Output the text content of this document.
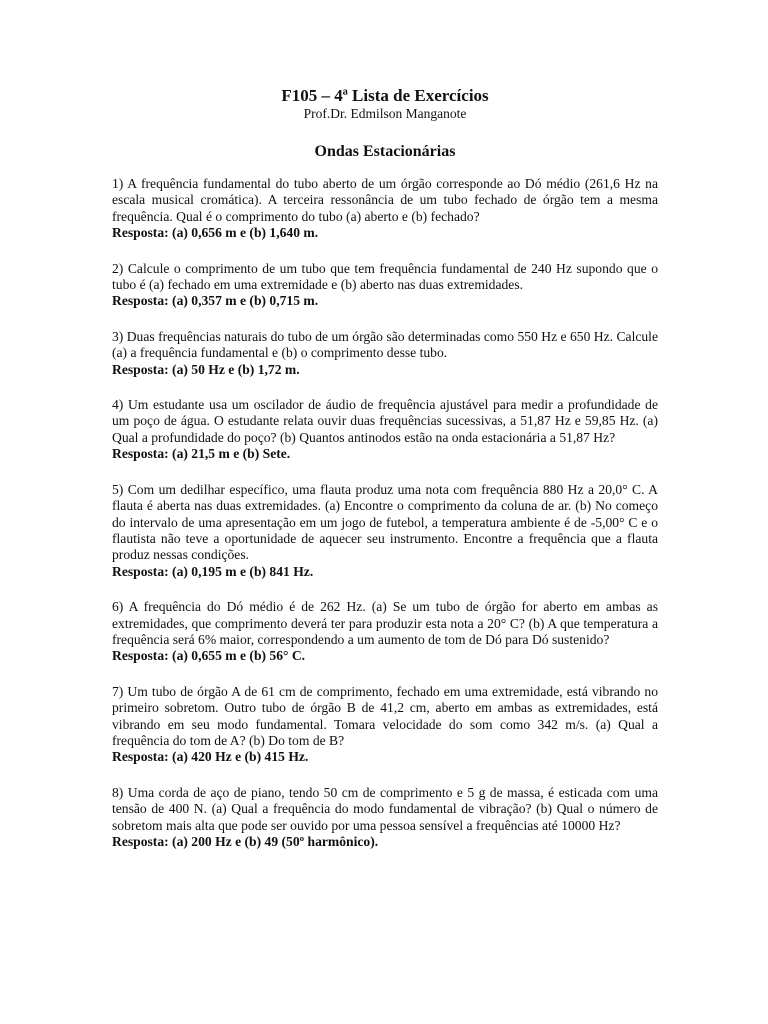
F105 – 4ª Lista de Exercícios

Prof.Dr. Edmilson Manganote

Ondas Estacionárias

1) A frequência fundamental do tubo aberto de um órgão corresponde ao Dó médio (261,6 Hz na escala musical cromática). A terceira ressonância de um tubo fechado de órgão tem a mesma frequência. Qual é o comprimento do tubo (a) aberto e (b) fechado?

Resposta: (a) 0,656 m e (b) 1,640 m.

2) Calcule o comprimento de um tubo que tem frequência fundamental de 240 Hz supondo que o tubo é (a) fechado em uma extremidade e (b) aberto nas duas extremidades.

Resposta: (a) 0,357 m e (b) 0,715 m.

3) Duas frequências naturais do tubo de um órgão são determinadas como 550 Hz e 650 Hz. Calcule (a) a frequência fundamental e (b) o comprimento desse tubo.

Resposta: (a) 50 Hz e (b) 1,72 m.

4) Um estudante usa um oscilador de áudio de frequência ajustável para medir a profundidade de um poço de água. O estudante relata ouvir duas frequências sucessivas, a 51,87 Hz e 59,85 Hz. (a) Qual a profundidade do poço? (b) Quantos antinodos estão na onda estacionária a 51,87 Hz?

Resposta: (a) 21,5 m e (b) Sete.

5) Com um dedilhar específico, uma flauta produz uma nota com frequência 880 Hz a 20,0° C. A flauta é aberta nas duas extremidades. (a) Encontre o comprimento da coluna de ar. (b) No começo do intervalo de uma apresentação em um jogo de futebol, a temperatura ambiente é de -5,00° C e o flautista não teve a oportunidade de aquecer seu instrumento. Encontre a frequência que a flauta produz nessas condições.

Resposta: (a) 0,195 m e (b) 841 Hz.

6) A frequência do Dó médio é de 262 Hz. (a) Se um tubo de órgão for aberto em ambas as extremidades, que comprimento deverá ter para produzir esta nota a 20° C? (b) A que temperatura a frequência será 6% maior, correspondendo a um aumento de tom de Dó para Dó sustenido?

Resposta: (a) 0,655 m e (b) 56° C.

7) Um tubo de órgão A de 61 cm de comprimento, fechado em uma extremidade, está vibrando no primeiro sobretom. Outro tubo de órgão B de 41,2 cm, aberto em ambas as extremidades, está vibrando em seu modo fundamental. Tomara velocidade do som como 342 m/s. (a) Qual a frequência do tom de A? (b) Do tom de B?

Resposta: (a) 420 Hz e (b) 415 Hz.

8) Uma corda de aço de piano, tendo 50 cm de comprimento e 5 g de massa, é esticada com uma tensão de 400 N. (a) Qual a frequência do modo fundamental de vibração? (b) Qual o número de sobretom mais alta que pode ser ouvido por uma pessoa sensível a frequências até 10000 Hz?

Resposta: (a) 200 Hz e (b) 49 (50º harmônico).
